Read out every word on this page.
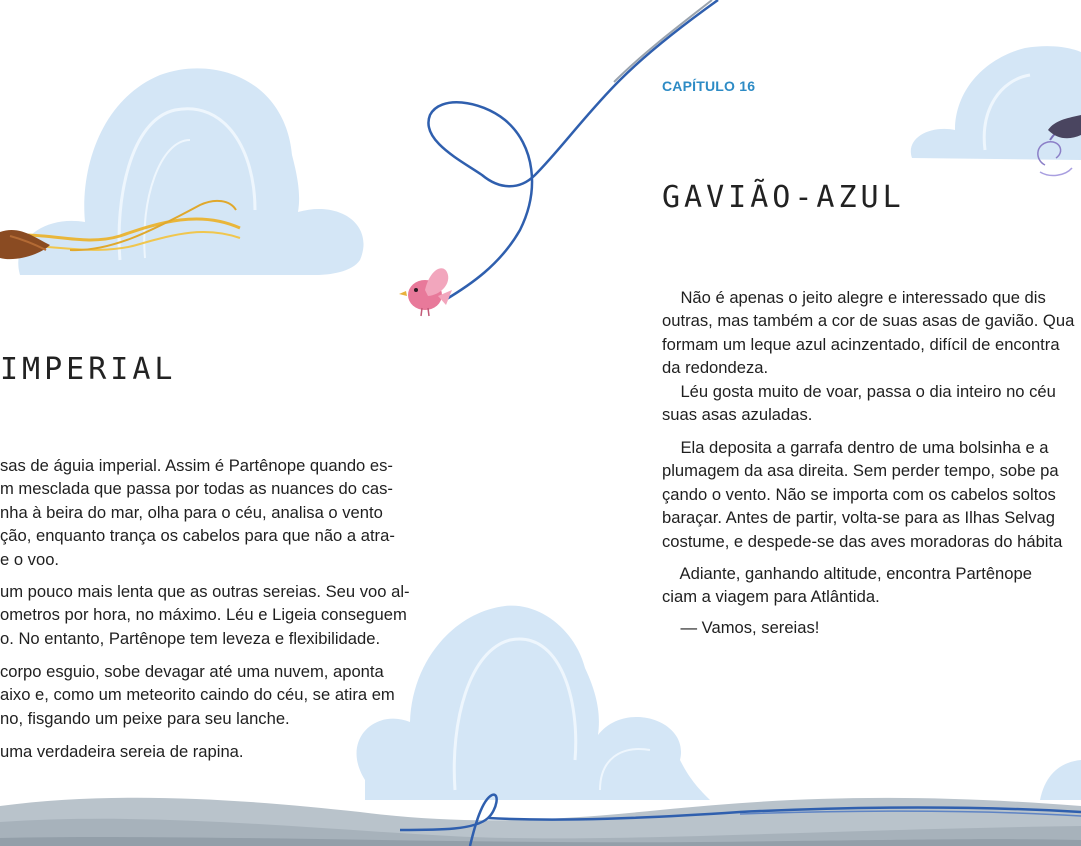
IMPERIAL

sas de águia imperial. Assim é Partênope quando es-
m mesclada que passa por todas as nuances do cas-
nha à beira do mar, olha para o céu, analisa o vento
ção, enquanto trança os cabelos para que não a atra-
e o voo.

um pouco mais lenta que as outras sereias. Seu voo al-
ometros por hora, no máximo. Léu e Ligeia conseguem
o. No entanto, Partênope tem leveza e flexibilidade.

corpo esguio, sobe devagar até uma nuvem, aponta
aixo e, como um meteorito caindo do céu, se atira em
no, fisgando um peixe para seu lanche.

uma verdadeira sereia de rapina.

CAPÍTULO 16
GAVIÃO-AZUL

Não é apenas o jeito alegre e interessado que dis
outras, mas também a cor de suas asas de gavião. Qua
formam um leque azul acinzentado, difícil de encontra
da redondeza.

Léu gosta muito de voar, passa o dia inteiro no céu
suas asas azuladas.

Ela deposita a garrafa dentro de uma bolsinha e a
plumagem da asa direita. Sem perder tempo, sobe pa
çando o vento. Não se importa com os cabelos soltos
baraçar. Antes de partir, volta-se para as Ilhas Selvag
costume, e despede-se das aves moradoras do hábita

Adiante, ganhando altitude, encontra Partênope
ciam a viagem para Atlântida.

— Vamos, sereias!
